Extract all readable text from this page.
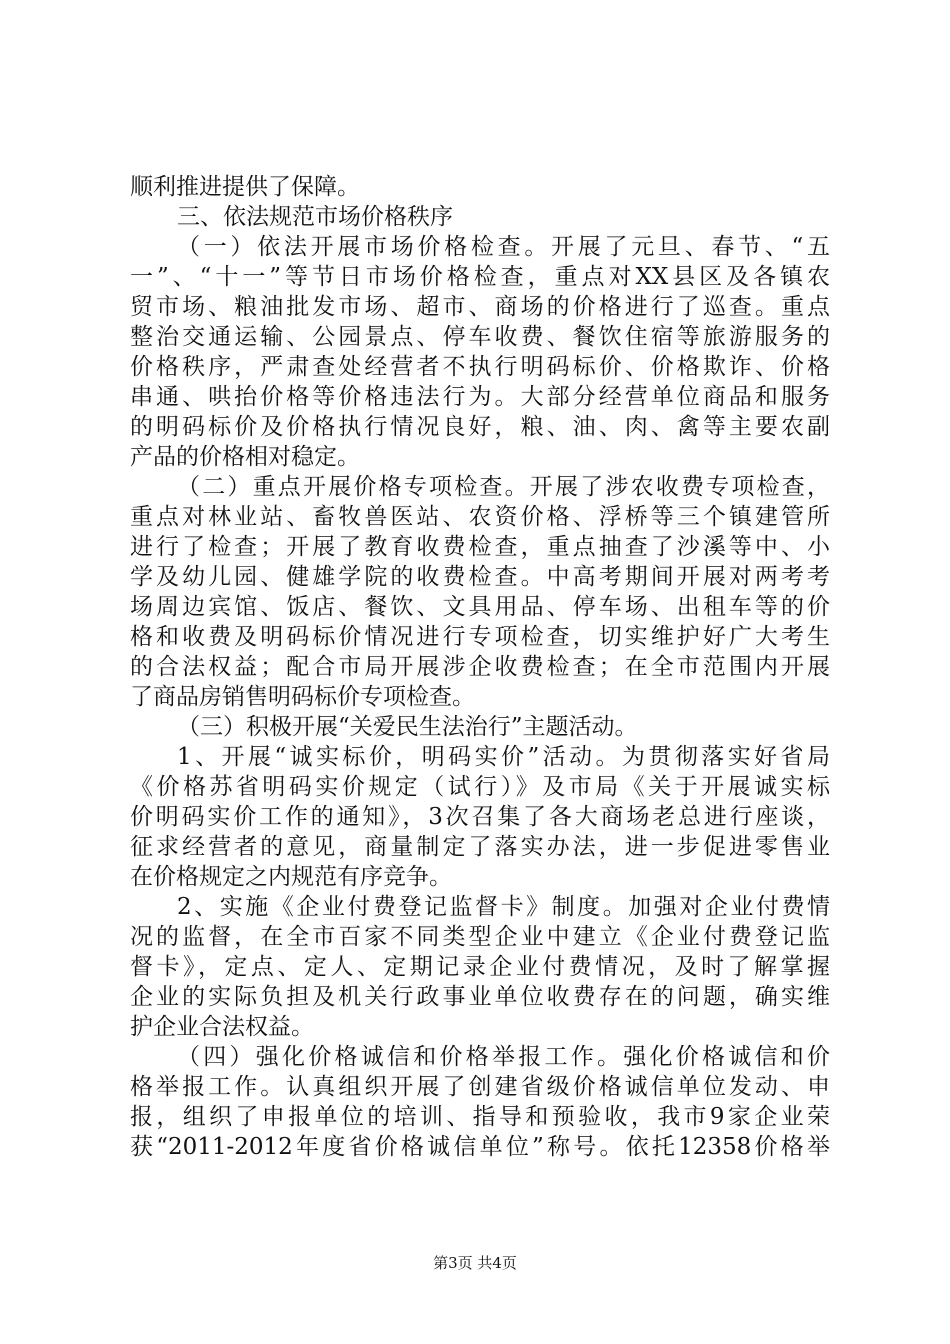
顺利推进提供了保障。
三、依法规范市场价格秩序
（一）依法开展市场价格检查。开展了元旦、春节、“五
一”、“十一”等节日市场价格检查，重点对XX县区及各镇农
贸市场、粮油批发市场、超市、商场的价格进行了巡查。重点
整治交通运输、公园景点、停车收费、餐饮住宿等旅游服务的
价格秩序，严肃查处经营者不执行明码标价、价格欺诈、价格
串通、哄抬价格等价格违法行为。大部分经营单位商品和服务
的明码标价及价格执行情况良好，粮、油、肉、禽等主要农副
产品的价格相对稳定。
（二）重点开展价格专项检查。开展了涉农收费专项检查，
重点对林业站、畜牧兽医站、农资价格、浮桥等三个镇建管所
进行了检查；开展了教育收费检查，重点抽查了沙溪等中、小
学及幼儿园、健雄学院的收费检查。中高考期间开展对两考考
场周边宾馆、饭店、餐饮、文具用品、停车场、出租车等的价
格和收费及明码标价情况进行专项检查，切实维护好广大考生
的合法权益；配合市局开展涉企收费检查；在全市范围内开展
了商品房销售明码标价专项检查。
（三）积极开展“关爱民生法治行”主题活动。
1、开展“诚实标价，明码实价”活动。为贯彻落实好省局
《价格苏省明码实价规定（试行）》及市局《关于开展诚实标
价明码实价工作的通知》，3次召集了各大商场老总进行座谈，
征求经营者的意见，商量制定了落实办法，进一步促进零售业
在价格规定之内规范有序竞争。
2、实施《企业付费登记监督卡》制度。加强对企业付费情
况的监督，在全市百家不同类型企业中建立《企业付费登记监
督卡》，定点、定人、定期记录企业付费情况，及时了解掌握
企业的实际负担及机关行政事业单位收费存在的问题，确实维
护企业合法权益。
（四）强化价格诚信和价格举报工作。强化价格诚信和价
格举报工作。认真组织开展了创建省级价格诚信单位发动、申
报，组织了申报单位的培训、指导和预验收，我市9家企业荣
获“2011-2012年度省价格诚信单位”称号。依托12358价格举
第3页 共4页
